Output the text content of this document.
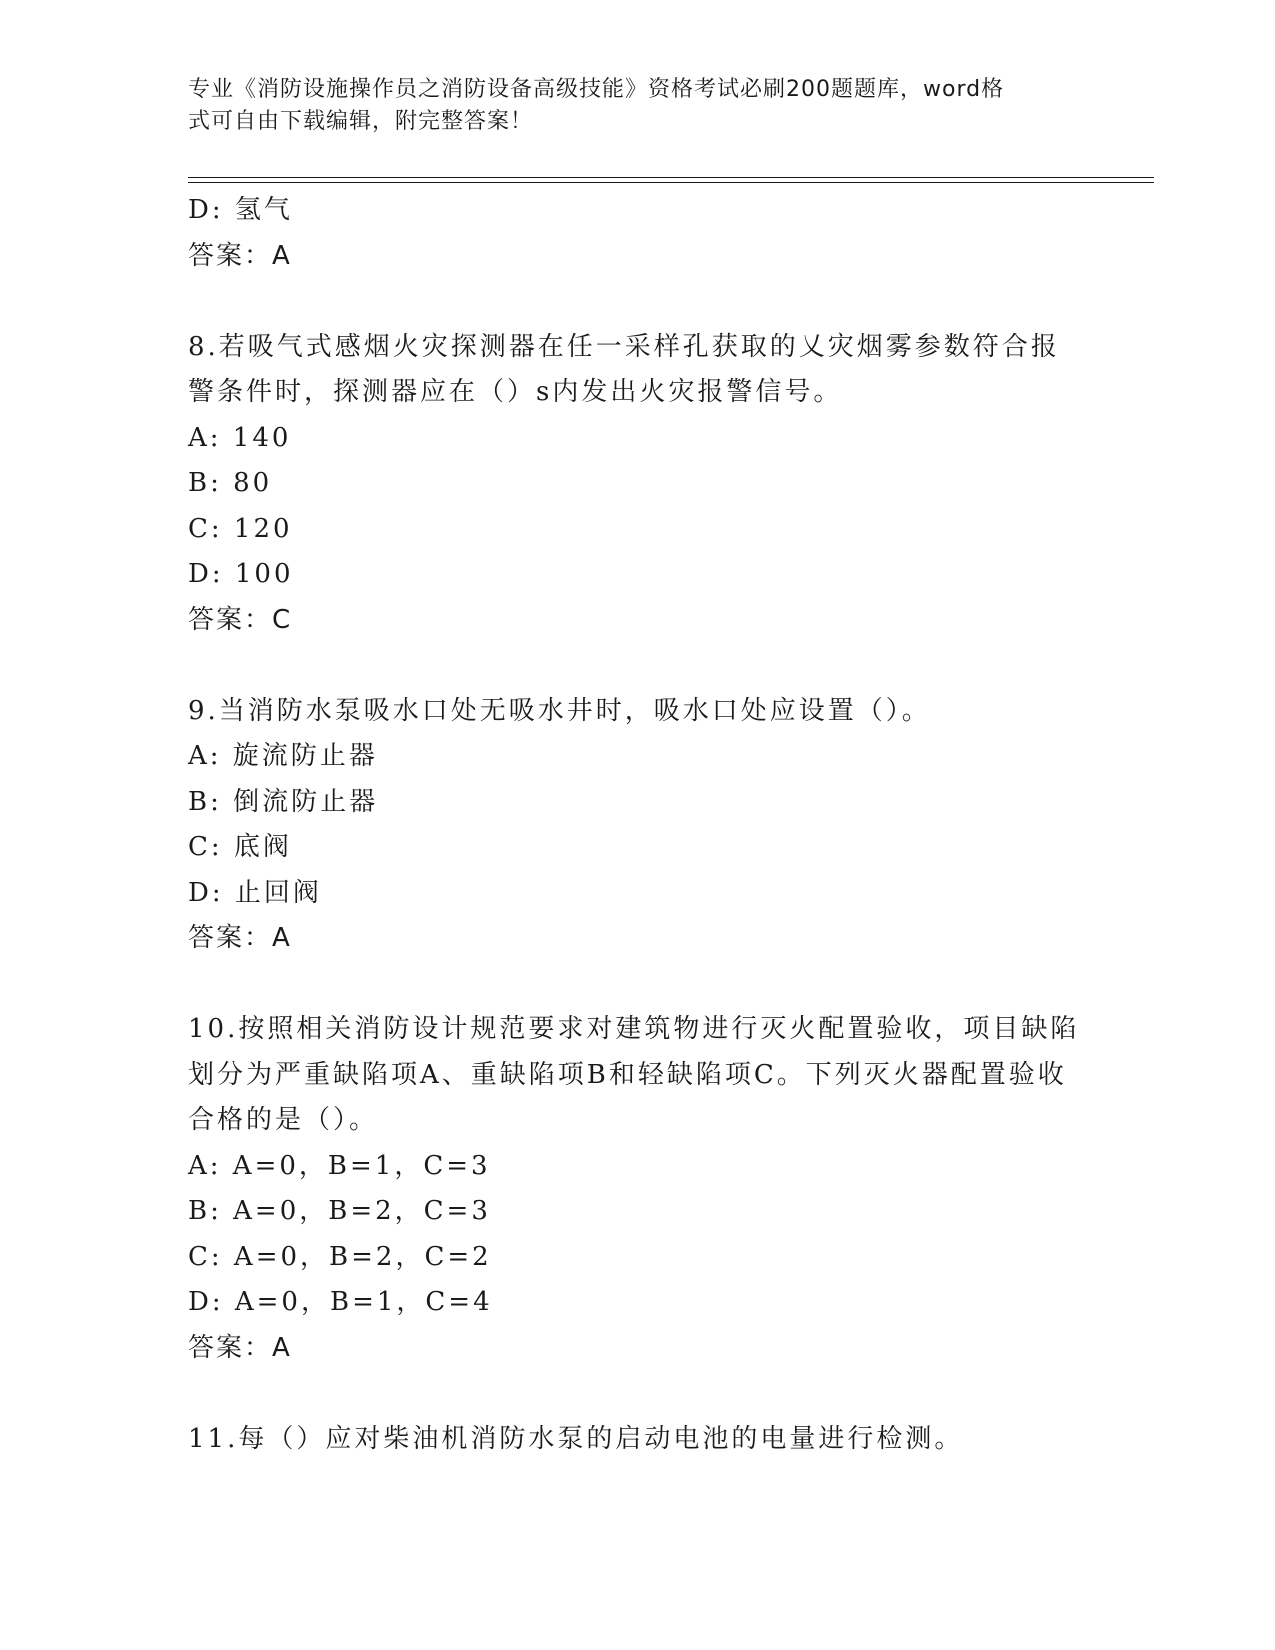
专业《消防设施操作员之消防设备高级技能》资格考试必刷200题题库，word格
式可自由下载编辑，附完整答案！
D: 氢气
答案：A
8.若吸气式感烟火灾探测器在任一采样孔获取的乂灾烟雾参数符合报
警条件时，探测器应在（）s内发出火灾报警信号。
A: 140
B: 80
C: 120
D: 100
答案：C
9.当消防水泵吸水口处无吸水井时，吸水口处应设置（）。
A: 旋流防止器
B: 倒流防止器
C: 底阀
D: 止回阀
答案：A
10.按照相关消防设计规范要求对建筑物进行灭火配置验收，项目缺陷
划分为严重缺陷项A、重缺陷项B和轻缺陷项C。下列灭火器配置验收
合格的是（）。
A: A=0，B=1，C=3
B: A=0，B=2，C=3
C: A=0，B=2，C=2
D: A=0，B=1，C=4
答案：A
11.每（）应对柴油机消防水泵的启动电池的电量进行检测。
